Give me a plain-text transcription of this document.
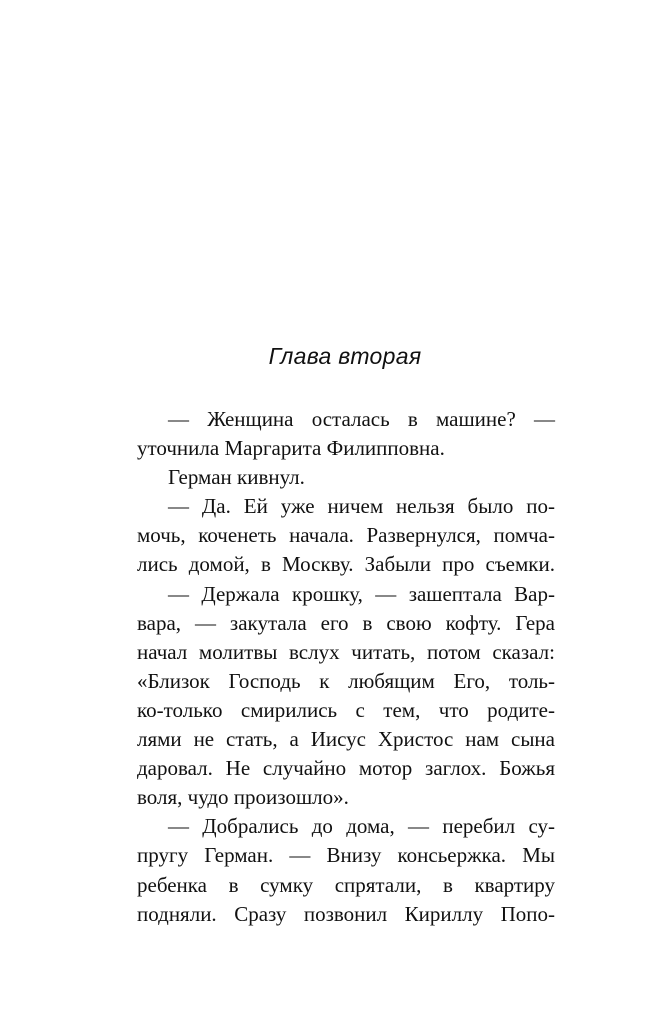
Глава вторая
— Женщина осталась в машине? —
уточнила Маргарита Филипповна.
Герман кивнул.
— Да. Ей уже ничем нельзя было по-
мочь, коченеть начала. Развернулся, помча-
лись домой, в Москву. Забыли про съемки.
— Держала крошку, — зашептала Вар-
вара, — закутала его в свою кофту. Гера
начал молитвы вслух читать, потом сказал:
«Близок Господь к любящим Его, толь-
ко-только смирились с тем, что родите-
лями не стать, а Иисус Христос нам сына
даровал. Не случайно мотор заглох. Божья
воля, чудо произошло».
— Добрались до дома, — перебил су-
пругу Герман. — Внизу консьержка. Мы
ребенка в сумку спрятали, в квартиру
подняли. Сразу позвонил Кириллу Попо-
